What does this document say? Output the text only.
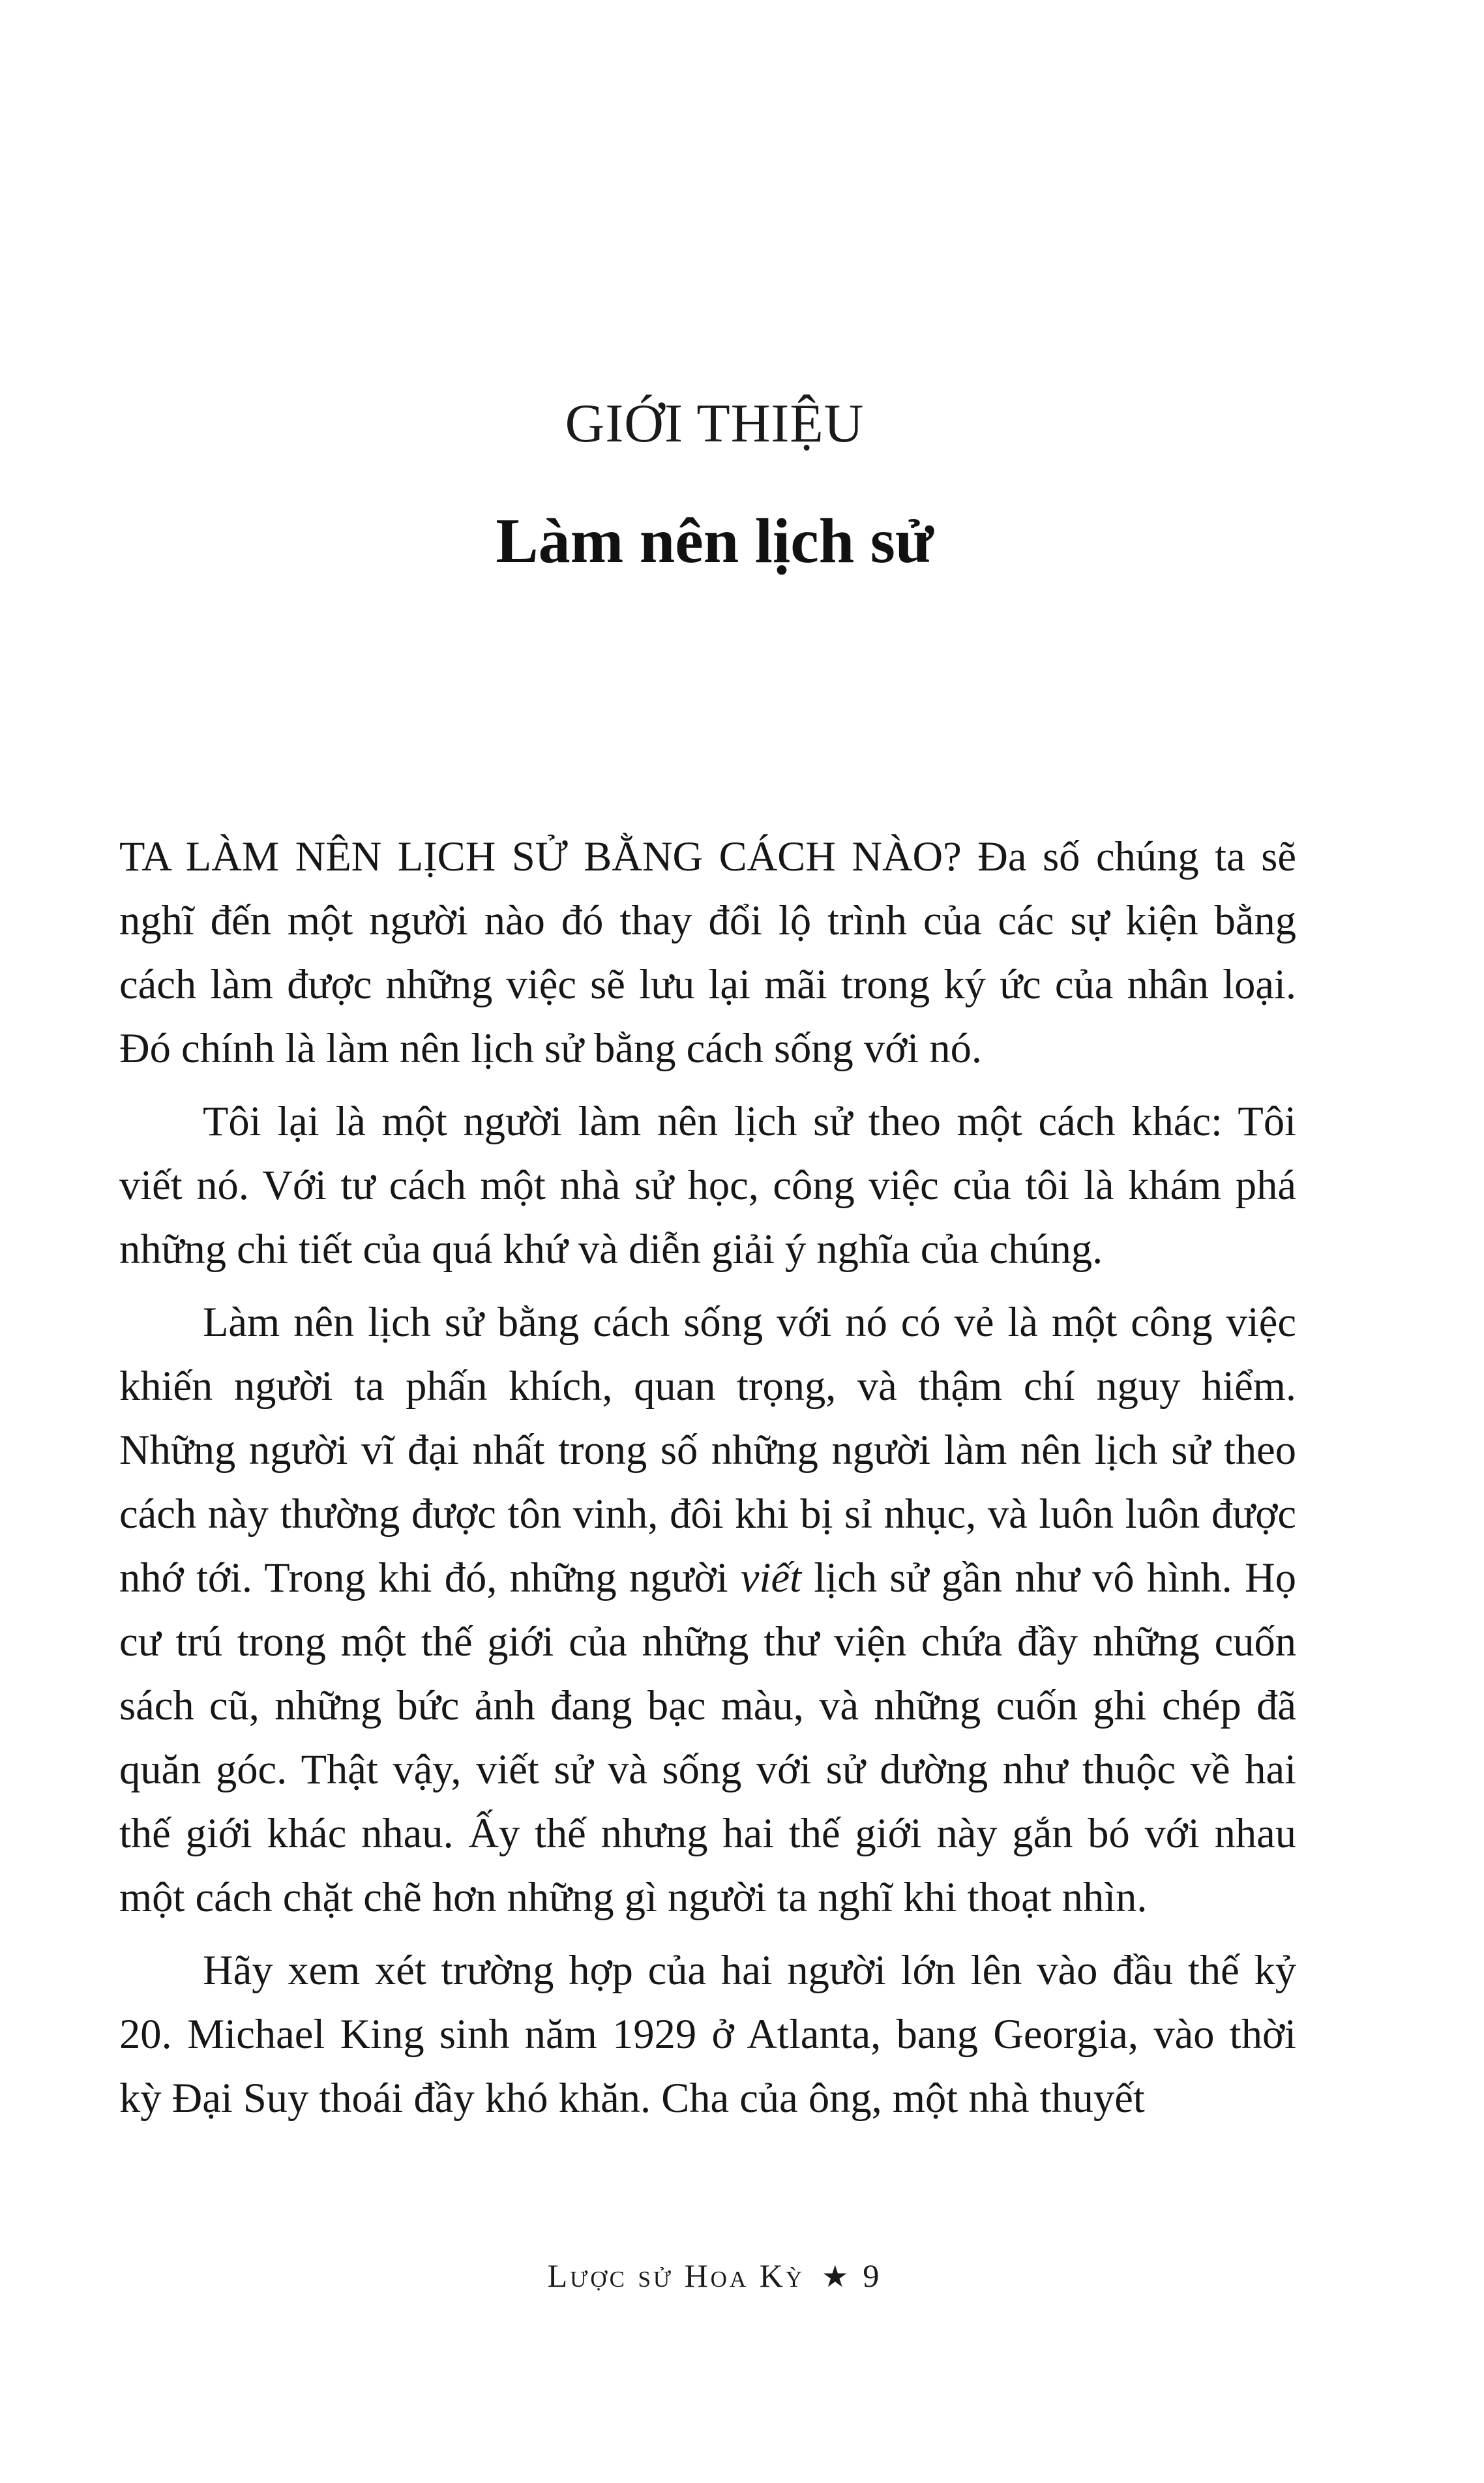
GIỚI THIỆU
Làm nên lịch sử

TA LÀM NÊN LỊCH SỬ BẰNG CÁCH NÀO? Đa số chúng ta sẽ nghĩ đến một người nào đó thay đổi lộ trình của các sự kiện bằng cách làm được những việc sẽ lưu lại mãi trong ký ức của nhân loại. Đó chính là làm nên lịch sử bằng cách sống với nó.

Tôi lại là một người làm nên lịch sử theo một cách khác: Tôi viết nó. Với tư cách một nhà sử học, công việc của tôi là khám phá những chi tiết của quá khứ và diễn giải ý nghĩa của chúng.

Làm nên lịch sử bằng cách sống với nó có vẻ là một công việc khiến người ta phấn khích, quan trọng, và thậm chí nguy hiểm. Những người vĩ đại nhất trong số những người làm nên lịch sử theo cách này thường được tôn vinh, đôi khi bị sỉ nhục, và luôn luôn được nhớ tới. Trong khi đó, những người viết lịch sử gần như vô hình. Họ cư trú trong một thế giới của những thư viện chứa đầy những cuốn sách cũ, những bức ảnh đang bạc màu, và những cuốn ghi chép đã quăn góc. Thật vậy, viết sử và sống với sử dường như thuộc về hai thế giới khác nhau. Ấy thế nhưng hai thế giới này gắn bó với nhau một cách chặt chẽ hơn những gì người ta nghĩ khi thoạt nhìn.

Hãy xem xét trường hợp của hai người lớn lên vào đầu thế kỷ 20. Michael King sinh năm 1929 ở Atlanta, bang Georgia, vào thời kỳ Đại Suy thoái đầy khó khăn. Cha của ông, một nhà thuyết

Lược sử Hoa Kỳ ★ 9
